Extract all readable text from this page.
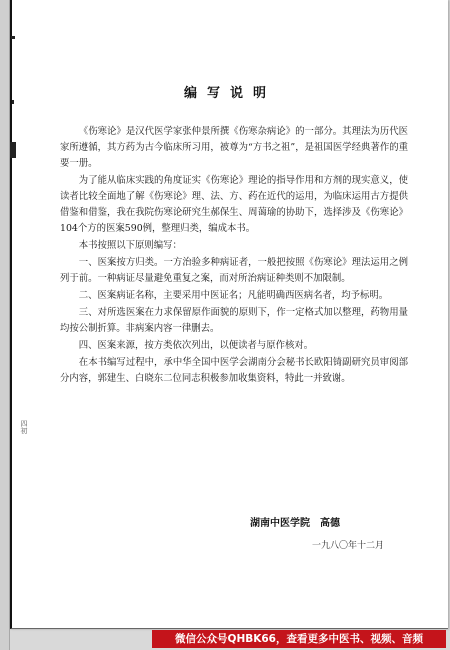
四初
编写说明

《伤寒论》是汉代医学家张仲景所撰《伤寒杂病论》的一部分。其理法为历代医家所遵循，其方药为古今临床所习用，被尊为“方书之祖”，是祖国医学经典著作的重要一册。

为了能从临床实践的角度证实《伤寒论》理论的指导作用和方剂的现实意义，使读者比较全面地了解《伤寒论》理、法、方、药在近代的运用，为临床运用古方提供借鉴和借鉴，我在我院伤寒论研究生郝保生、周蔼瑜的协助下，选择涉及《伤寒论》104个方的医案590例，整理归类，编成本书。

本书按照以下原则编写：

一、医案按方归类。一方治验多种病证者，一般把按照《伤寒论》理法运用之例列于前。一种病证尽量避免重复之案，而对所治病证种类则不加限制。

二、医案病证名称，主要采用中医证名；凡能明确西医病名者，均予标明。

三、对所选医案在力求保留原作面貌的原则下，作一定格式加以整理，药物用量均按公制折算。非病案内容一律删去。

四、医案来源，按方类依次列出，以便读者与原作核对。

在本书编写过程中，承中华全国中医学会湖南分会秘书长欧阳锜副研究员审阅部分内容，郭建生、白晓东二位同志积极参加收集资料，特此一并致谢。

湖南中医学院　高德
一九八〇年十二月
微信公众号QHBK66，查看更多中医书、视频、音频
